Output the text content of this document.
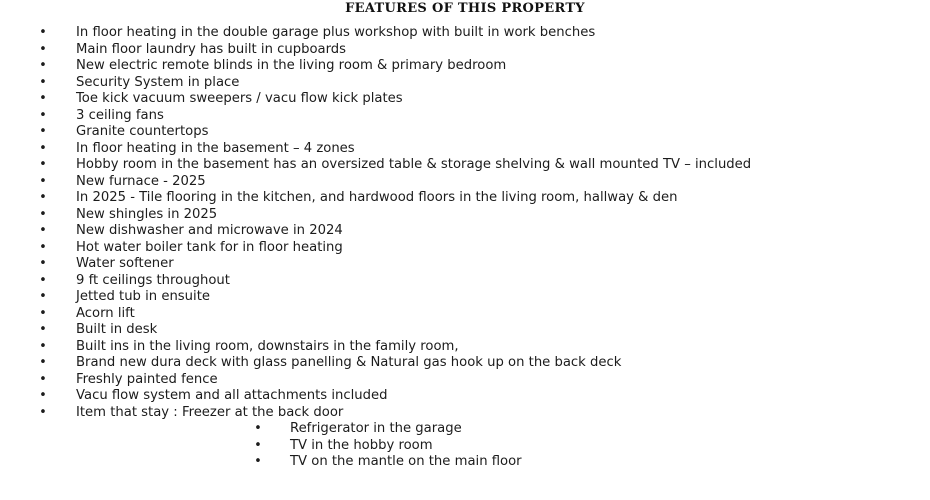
FEATURES OF THIS PROPERTY
• In floor heating in the double garage plus workshop with built in work benches
• Main floor laundry has built in cupboards
• New electric remote blinds in the living room & primary bedroom
• Security System in place
• Toe kick vacuum sweepers / vacu flow kick plates
• 3 ceiling fans
• Granite countertops
• In floor heating in the basement – 4 zones
• Hobby room in the basement has an oversized table & storage shelving & wall mounted TV – included
• New furnace - 2025
• In 2025 - Tile flooring in the kitchen, and hardwood floors in the living room, hallway & den
• New shingles in 2025
• New dishwasher and microwave in 2024
• Hot water boiler tank for in floor heating
• Water softener
• 9 ft ceilings throughout
• Jetted tub in ensuite
• Acorn lift
• Built in desk
• Built ins in the living room, downstairs in the family room,
• Brand new dura deck with glass panelling & Natural gas hook up on the back deck
• Freshly painted fence
• Vacu flow system and all attachments included
• Item that stay : Freezer at the back door
• Refrigerator in the garage
• TV in the hobby room
• TV on the mantle on the main floor
